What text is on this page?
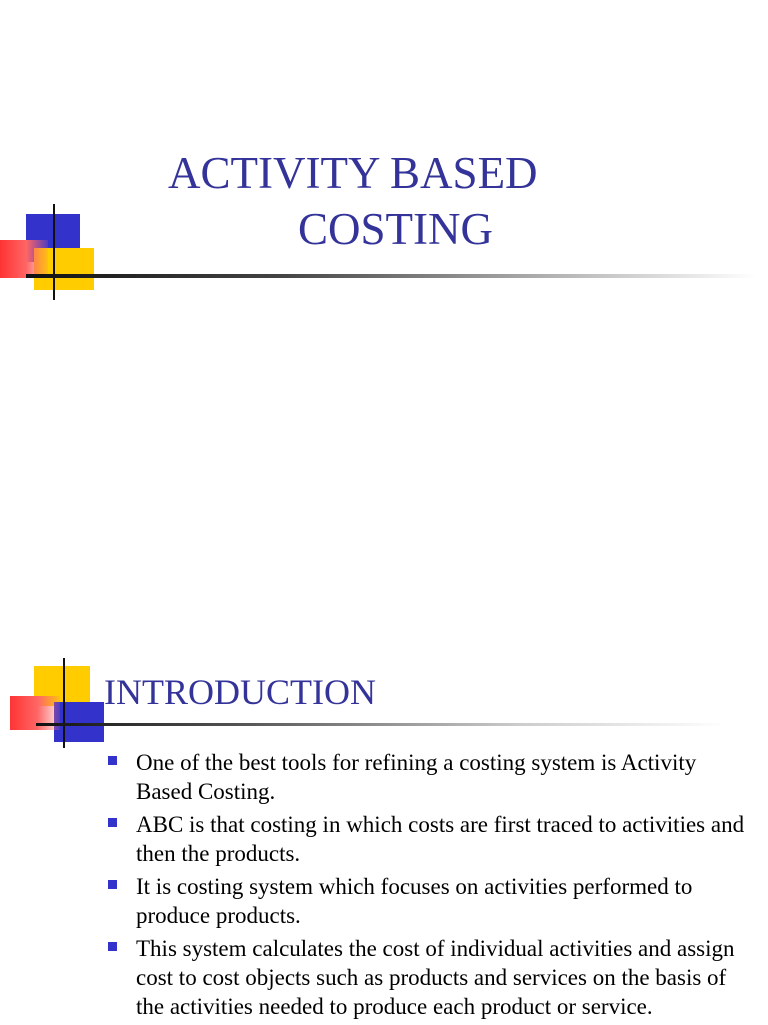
ACTIVITY BASED
COSTING
INTRODUCTION
One of the best tools for refining a costing system is Activity Based Costing.
ABC is that costing in which costs are first traced to activities and then the products.
It is costing system which focuses on activities performed to produce products.
This system calculates the cost of individual activities and assign cost to cost objects such as products and services on the basis of the activities needed to produce each product or service.
